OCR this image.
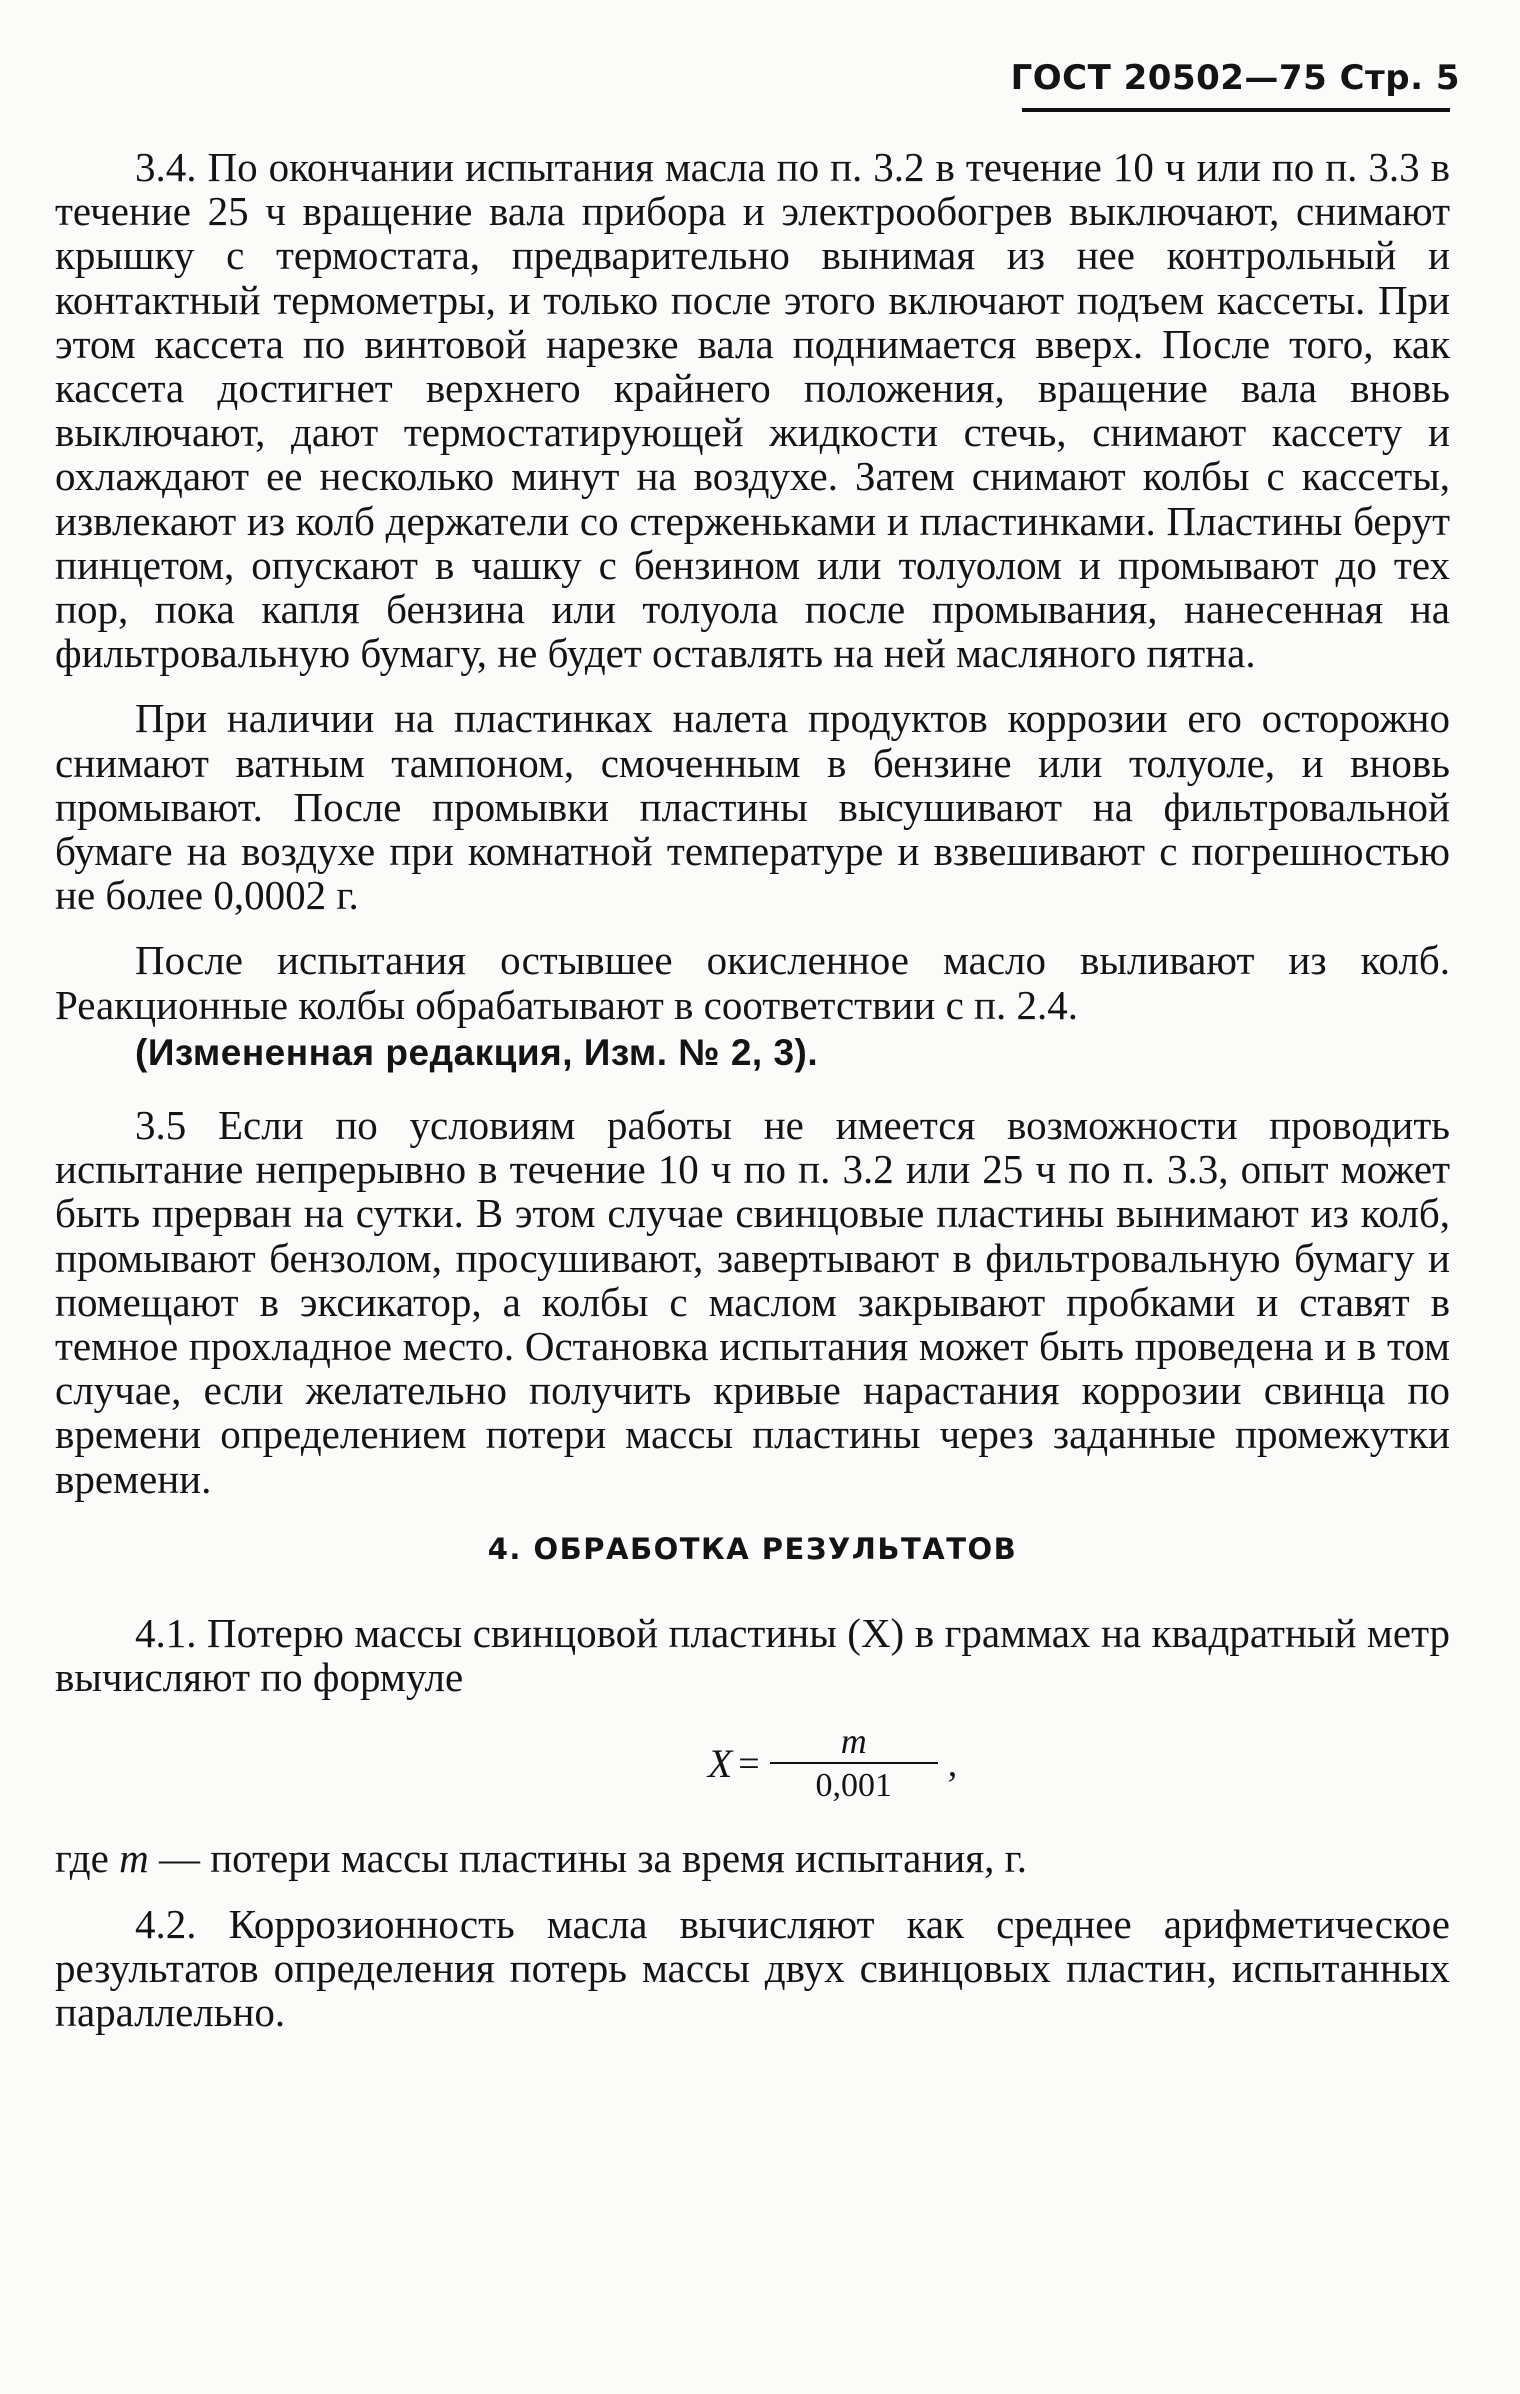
ГОСТ 20502—75 Стр. 5

3.4. По окончании испытания масла по п. 3.2 в течение 10 ч или по п. 3.3 в течение 25 ч вращение вала прибора и электрообогрев выключают, снимают крышку с термостата, предварительно вынимая из нее контрольный и контактный термометры, и только после этого включают подъем кассеты. При этом кассета по винтовой нарезке вала поднимается вверх. После того, как кассета достигнет верхнего крайнего положения, вращение вала вновь выключают, дают термостатирующей жидкости стечь, снимают кассету и охлаждают ее несколько минут на воздухе. Затем снимают колбы с кассеты, извлекают из колб держатели со стерженьками и пластинками. Пластины берут пинцетом, опускают в чашку с бензином или толуолом и промывают до тех пор, пока капля бензина или толуола после промывания, нанесенная на фильтровальную бумагу, не будет оставлять на ней масляного пятна.

При наличии на пластинках налета продуктов коррозии его осторожно снимают ватным тампоном, смоченным в бензине или толуоле, и вновь промывают. После промывки пластины высушивают на фильтровальной бумаге на воздухе при комнатной температуре и взвешивают с погрешностью не более 0,0002 г.

После испытания остывшее окисленное масло выливают из колб. Реакционные колбы обрабатывают в соответствии с п. 2.4.

(Измененная редакция, Изм. № 2, 3).

3.5 Если по условиям работы не имеется возможности проводить испытание непрерывно в течение 10 ч по п. 3.2 или 25 ч по п. 3.3, опыт может быть прерван на сутки. В этом случае свинцовые пластины вынимают из колб, промывают бензолом, просушивают, завертывают в фильтровальную бумагу и помещают в эксикатор, а колбы с маслом закрывают пробками и ставят в темное прохладное место. Остановка испытания может быть проведена и в том случае, если желательно получить кривые нарастания коррозии свинца по времени определением потери массы пластины через заданные промежутки времени.

4. ОБРАБОТКА РЕЗУЛЬТАТОВ

4.1. Потерю массы свинцовой пластины (X) в граммах на квадратный метр вычисляют по формуле

$X = \frac{m}{0,001}$ ,

где m — потери массы пластины за время испытания, г.

4.2. Коррозионность масла вычисляют как среднее арифметическое результатов определения потерь массы двух свинцовых пластин, испытанных параллельно.
